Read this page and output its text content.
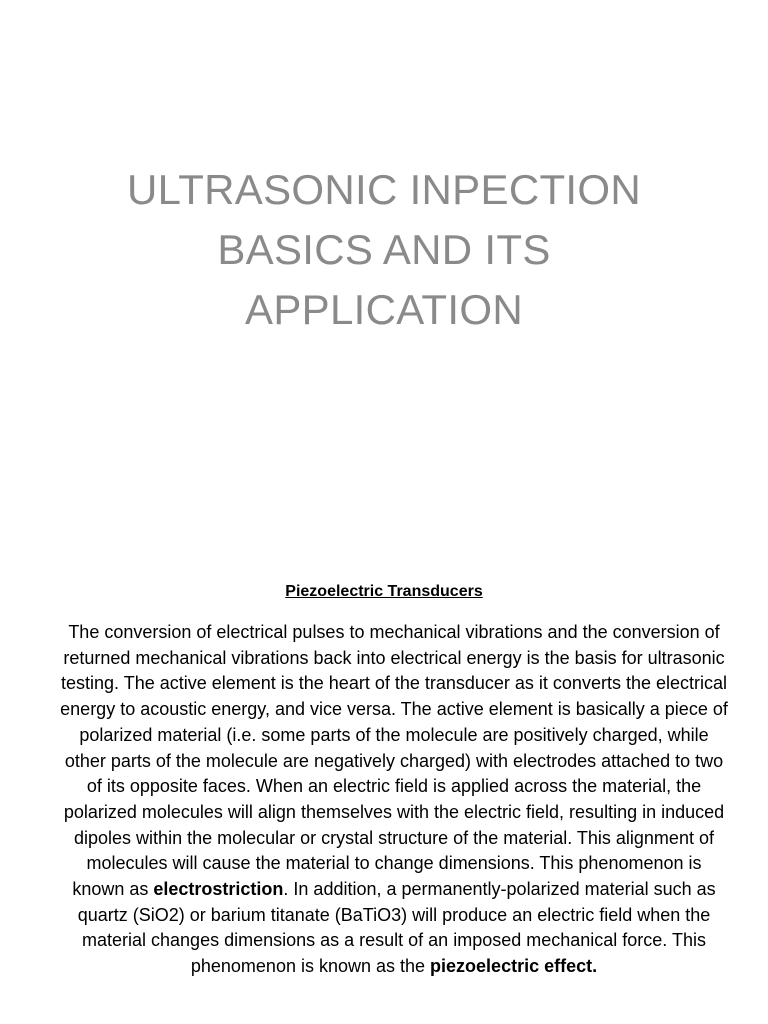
ULTRASONIC INPECTION BASICS AND ITS APPLICATION
Piezoelectric Transducers

The conversion of electrical pulses to mechanical vibrations and the conversion of returned mechanical vibrations back into electrical energy is the basis for ultrasonic testing. The active element is the heart of the transducer as it converts the electrical energy to acoustic energy, and vice versa. The active element is basically a piece of polarized material (i.e. some parts of the molecule are positively charged, while other parts of the molecule are negatively charged) with electrodes attached to two of its opposite faces. When an electric field is applied across the material, the polarized molecules will align themselves with the electric field, resulting in induced dipoles within the molecular or crystal structure of the material. This alignment of molecules will cause the material to change dimensions. This phenomenon is known as electrostriction. In addition, a permanently-polarized material such as quartz (SiO2) or barium titanate (BaTiO3) will produce an electric field when the material changes dimensions as a result of an imposed mechanical force. This phenomenon is known as the piezoelectric effect.
